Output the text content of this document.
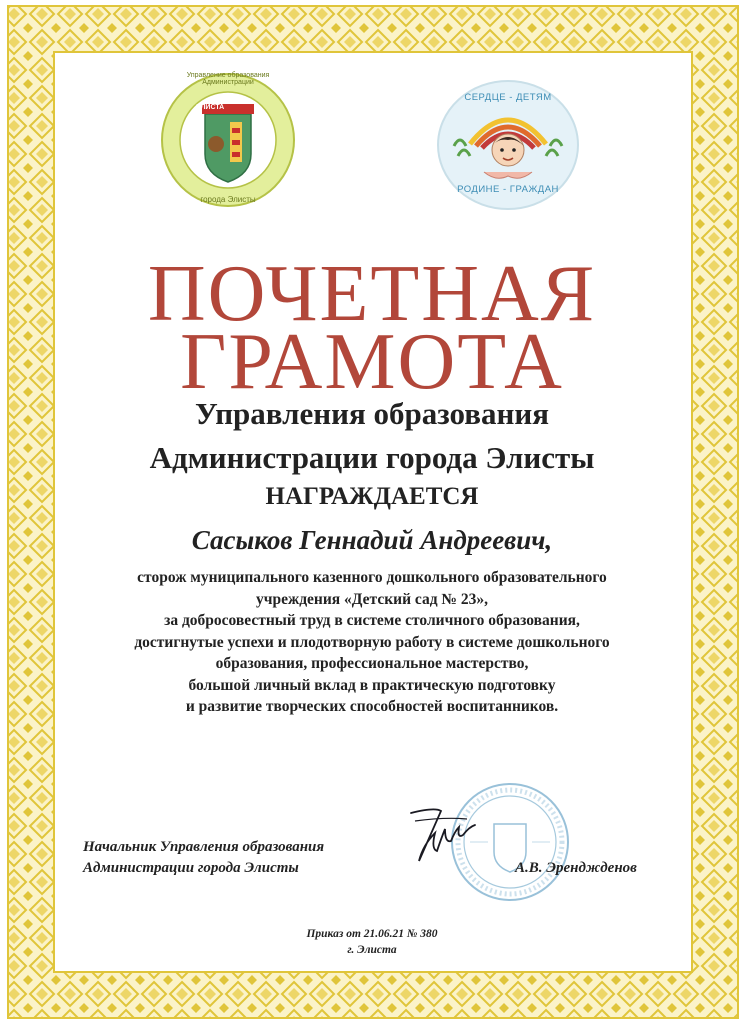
ЭЛИСТА
Управление образования Администрации
города Элисты
СЕРДЦЕ - ДЕТЯМ
РОДИНЕ - ГРАЖДАН
ПОЧЕТНАЯ
ГРАМОТА
Управления образования
Администрации города Элисты
НАГРАЖДАЕТСЯ
Сасыков Геннадий Андреевич,
сторож муниципального казенного дошкольного образовательного
учреждения «Детский сад № 23»,
за добросовестный труд в системе столичного образования,
достигнутые успехи и плодотворную работу в системе дошкольного
образования, профессиональное мастерство,
большой личный вклад в практическую подготовку
и развитие творческих способностей воспитанников.
Начальник Управления образования
Администрации города Элисты	А.В. Эренджденов
Приказ от 21.06.21 № 380
г. Элиста
